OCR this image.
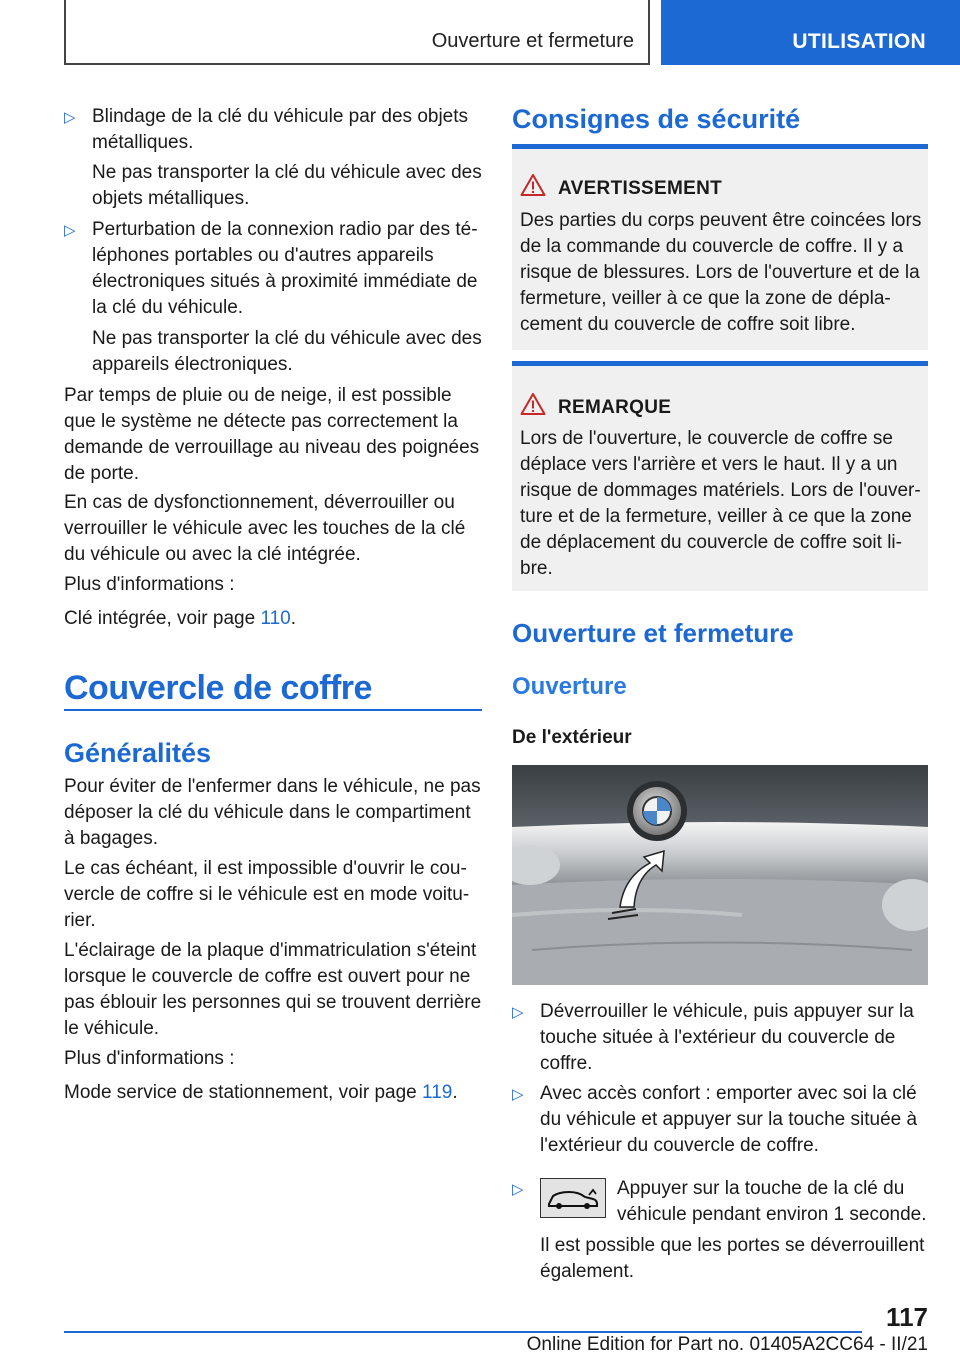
Ouverture et fermeture	UTILISATION
▷ Blindage de la clé du véhicule par des objets métalliques.
Ne pas transporter la clé du véhicule avec des objets métalliques.
▷ Perturbation de la connexion radio par des téléphones portables ou d'autres appareils électroniques situés à proximité immédiate de la clé du véhicule.
Ne pas transporter la clé du véhicule avec des appareils électroniques.
Par temps de pluie ou de neige, il est possible que le système ne détecte pas correctement la demande de verrouillage au niveau des poignées de porte.
En cas de dysfonctionnement, déverrouiller ou verrouiller le véhicule avec les touches de la clé du véhicule ou avec la clé intégrée.
Plus d'informations :
Clé intégrée, voir page 110.
Couvercle de coffre
Généralités
Pour éviter de l'enfermer dans le véhicule, ne pas déposer la clé du véhicule dans le compartiment à bagages.
Le cas échéant, il est impossible d'ouvrir le couvercle de coffre si le véhicule est en mode voiturier.
L'éclairage de la plaque d'immatriculation s'éteint lorsque le couvercle de coffre est ouvert pour ne pas éblouir les personnes qui se trouvent derrière le véhicule.
Plus d'informations :
Mode service de stationnement, voir page 119.
Consignes de sécurité
AVERTISSEMENT
Des parties du corps peuvent être coincées lors de la commande du couvercle de coffre. Il y a risque de blessures. Lors de l'ouverture et de la fermeture, veiller à ce que la zone de déplacement du couvercle de coffre soit libre.
REMARQUE
Lors de l'ouverture, le couvercle de coffre se déplace vers l'arrière et vers le haut. Il y a un risque de dommages matériels. Lors de l'ouverture et de la fermeture, veiller à ce que la zone de déplacement du couvercle de coffre soit libre.
Ouverture et fermeture
Ouverture
De l'extérieur
▷ Déverrouiller le véhicule, puis appuyer sur la touche située à l'extérieur du couvercle de coffre.
▷ Avec accès confort : emporter avec soi la clé du véhicule et appuyer sur la touche située à l'extérieur du couvercle de coffre.
▷	Appuyer sur la touche de la clé du véhicule pendant environ 1 seconde.
Il est possible que les portes se déverrouillent également.
117
Online Edition for Part no. 01405A2CC64 - II/21
